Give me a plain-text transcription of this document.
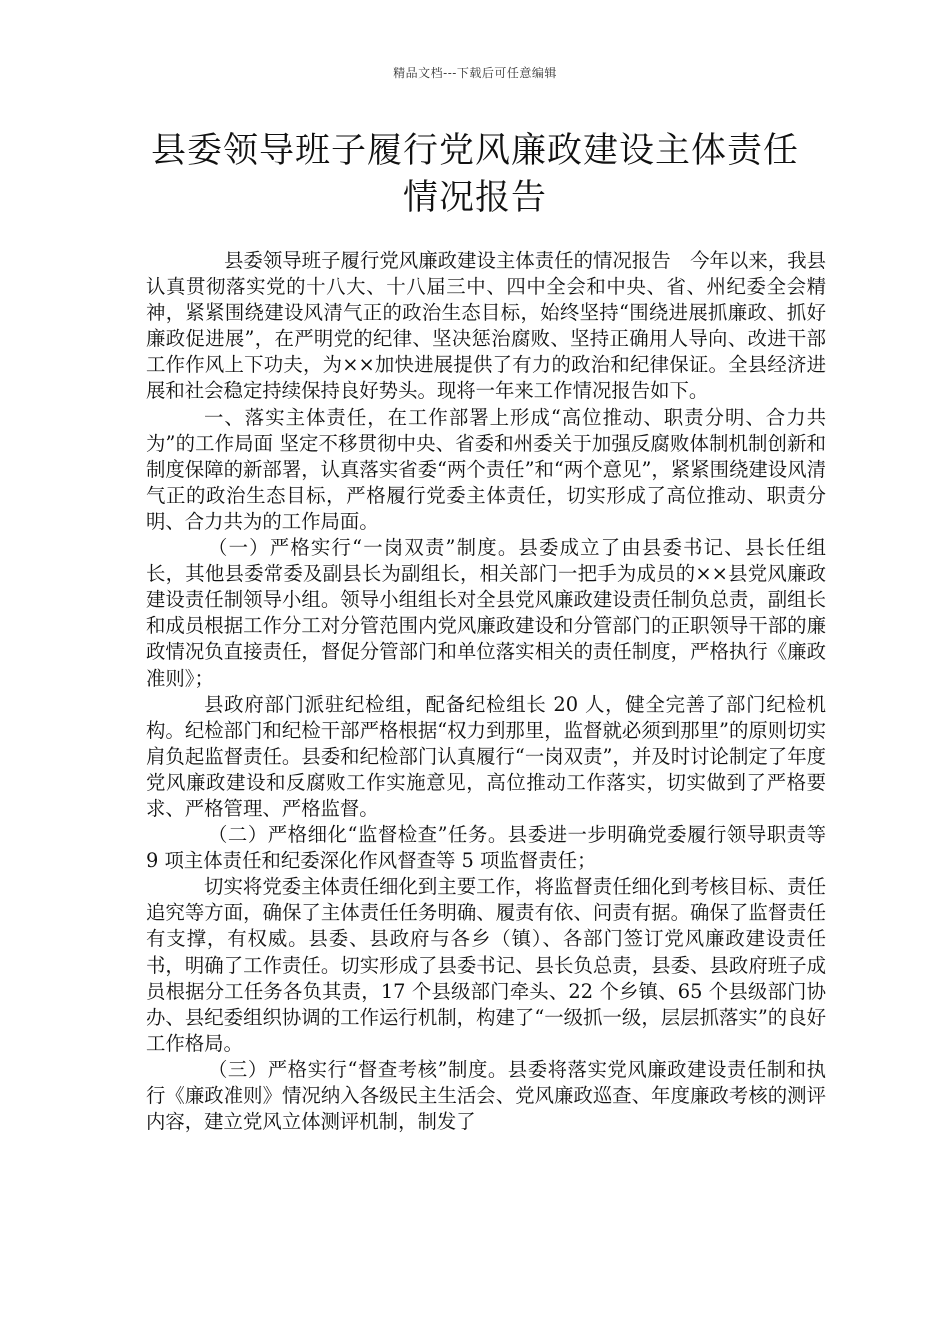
精品文档---下载后可任意编辑
县委领导班子履行党风廉政建设主体责任
情况报告

县委领导班子履行党风廉政建设主体责任的情况报告　今年以来，我县认真贯彻落实党的十八大、十八届三中、四中全会和中央、省、州纪委全会精神，紧紧围绕建设风清气正的政治生态目标，始终坚持“围绕进展抓廉政、抓好廉政促进展”，在严明党的纪律、坚决惩治腐败、坚持正确用人导向、改进干部工作作风上下功夫，为××加快进展提供了有力的政治和纪律保证。全县经济进展和社会稳定持续保持良好势头。现将一年来工作情况报告如下。

一、落实主体责任，在工作部署上形成“高位推动、职责分明、合力共为”的工作局面 坚定不移贯彻中央、省委和州委关于加强反腐败体制机制创新和制度保障的新部署，认真落实省委“两个责任”和“两个意见”，紧紧围绕建设风清气正的政治生态目标，严格履行党委主体责任，切实形成了高位推动、职责分明、合力共为的工作局面。

（一）严格实行“一岗双责”制度。县委成立了由县委书记、县长任组长，其他县委常委及副县长为副组长，相关部门一把手为成员的××县党风廉政建设责任制领导小组。领导小组组长对全县党风廉政建设责任制负总责，副组长和成员根据工作分工对分管范围内党风廉政建设和分管部门的正职领导干部的廉政情况负直接责任，督促分管部门和单位落实相关的责任制度，严格执行《廉政准则》；

县政府部门派驻纪检组，配备纪检组长 20 人，健全完善了部门纪检机构。纪检部门和纪检干部严格根据“权力到那里，监督就必须到那里”的原则切实肩负起监督责任。县委和纪检部门认真履行“一岗双责”，并及时讨论制定了年度党风廉政建设和反腐败工作实施意见，高位推动工作落实，切实做到了严格要求、严格管理、严格监督。

（二）严格细化“监督检查”任务。县委进一步明确党委履行领导职责等 9 项主体责任和纪委深化作风督查等 5 项监督责任；

切实将党委主体责任细化到主要工作，将监督责任细化到考核目标、责任追究等方面，确保了主体责任任务明确、履责有依、问责有据。确保了监督责任有支撑，有权威。县委、县政府与各乡（镇）、各部门签订党风廉政建设责任书，明确了工作责任。切实形成了县委书记、县长负总责，县委、县政府班子成员根据分工任务各负其责，17 个县级部门牵头、22 个乡镇、65 个县级部门协办、县纪委组织协调的工作运行机制，构建了“一级抓一级，层层抓落实”的良好工作格局。

（三）严格实行“督查考核”制度。县委将落实党风廉政建设责任制和执行《廉政准则》情况纳入各级民主生活会、党风廉政巡查、年度廉政考核的测评内容，建立党风立体测评机制，制发了
